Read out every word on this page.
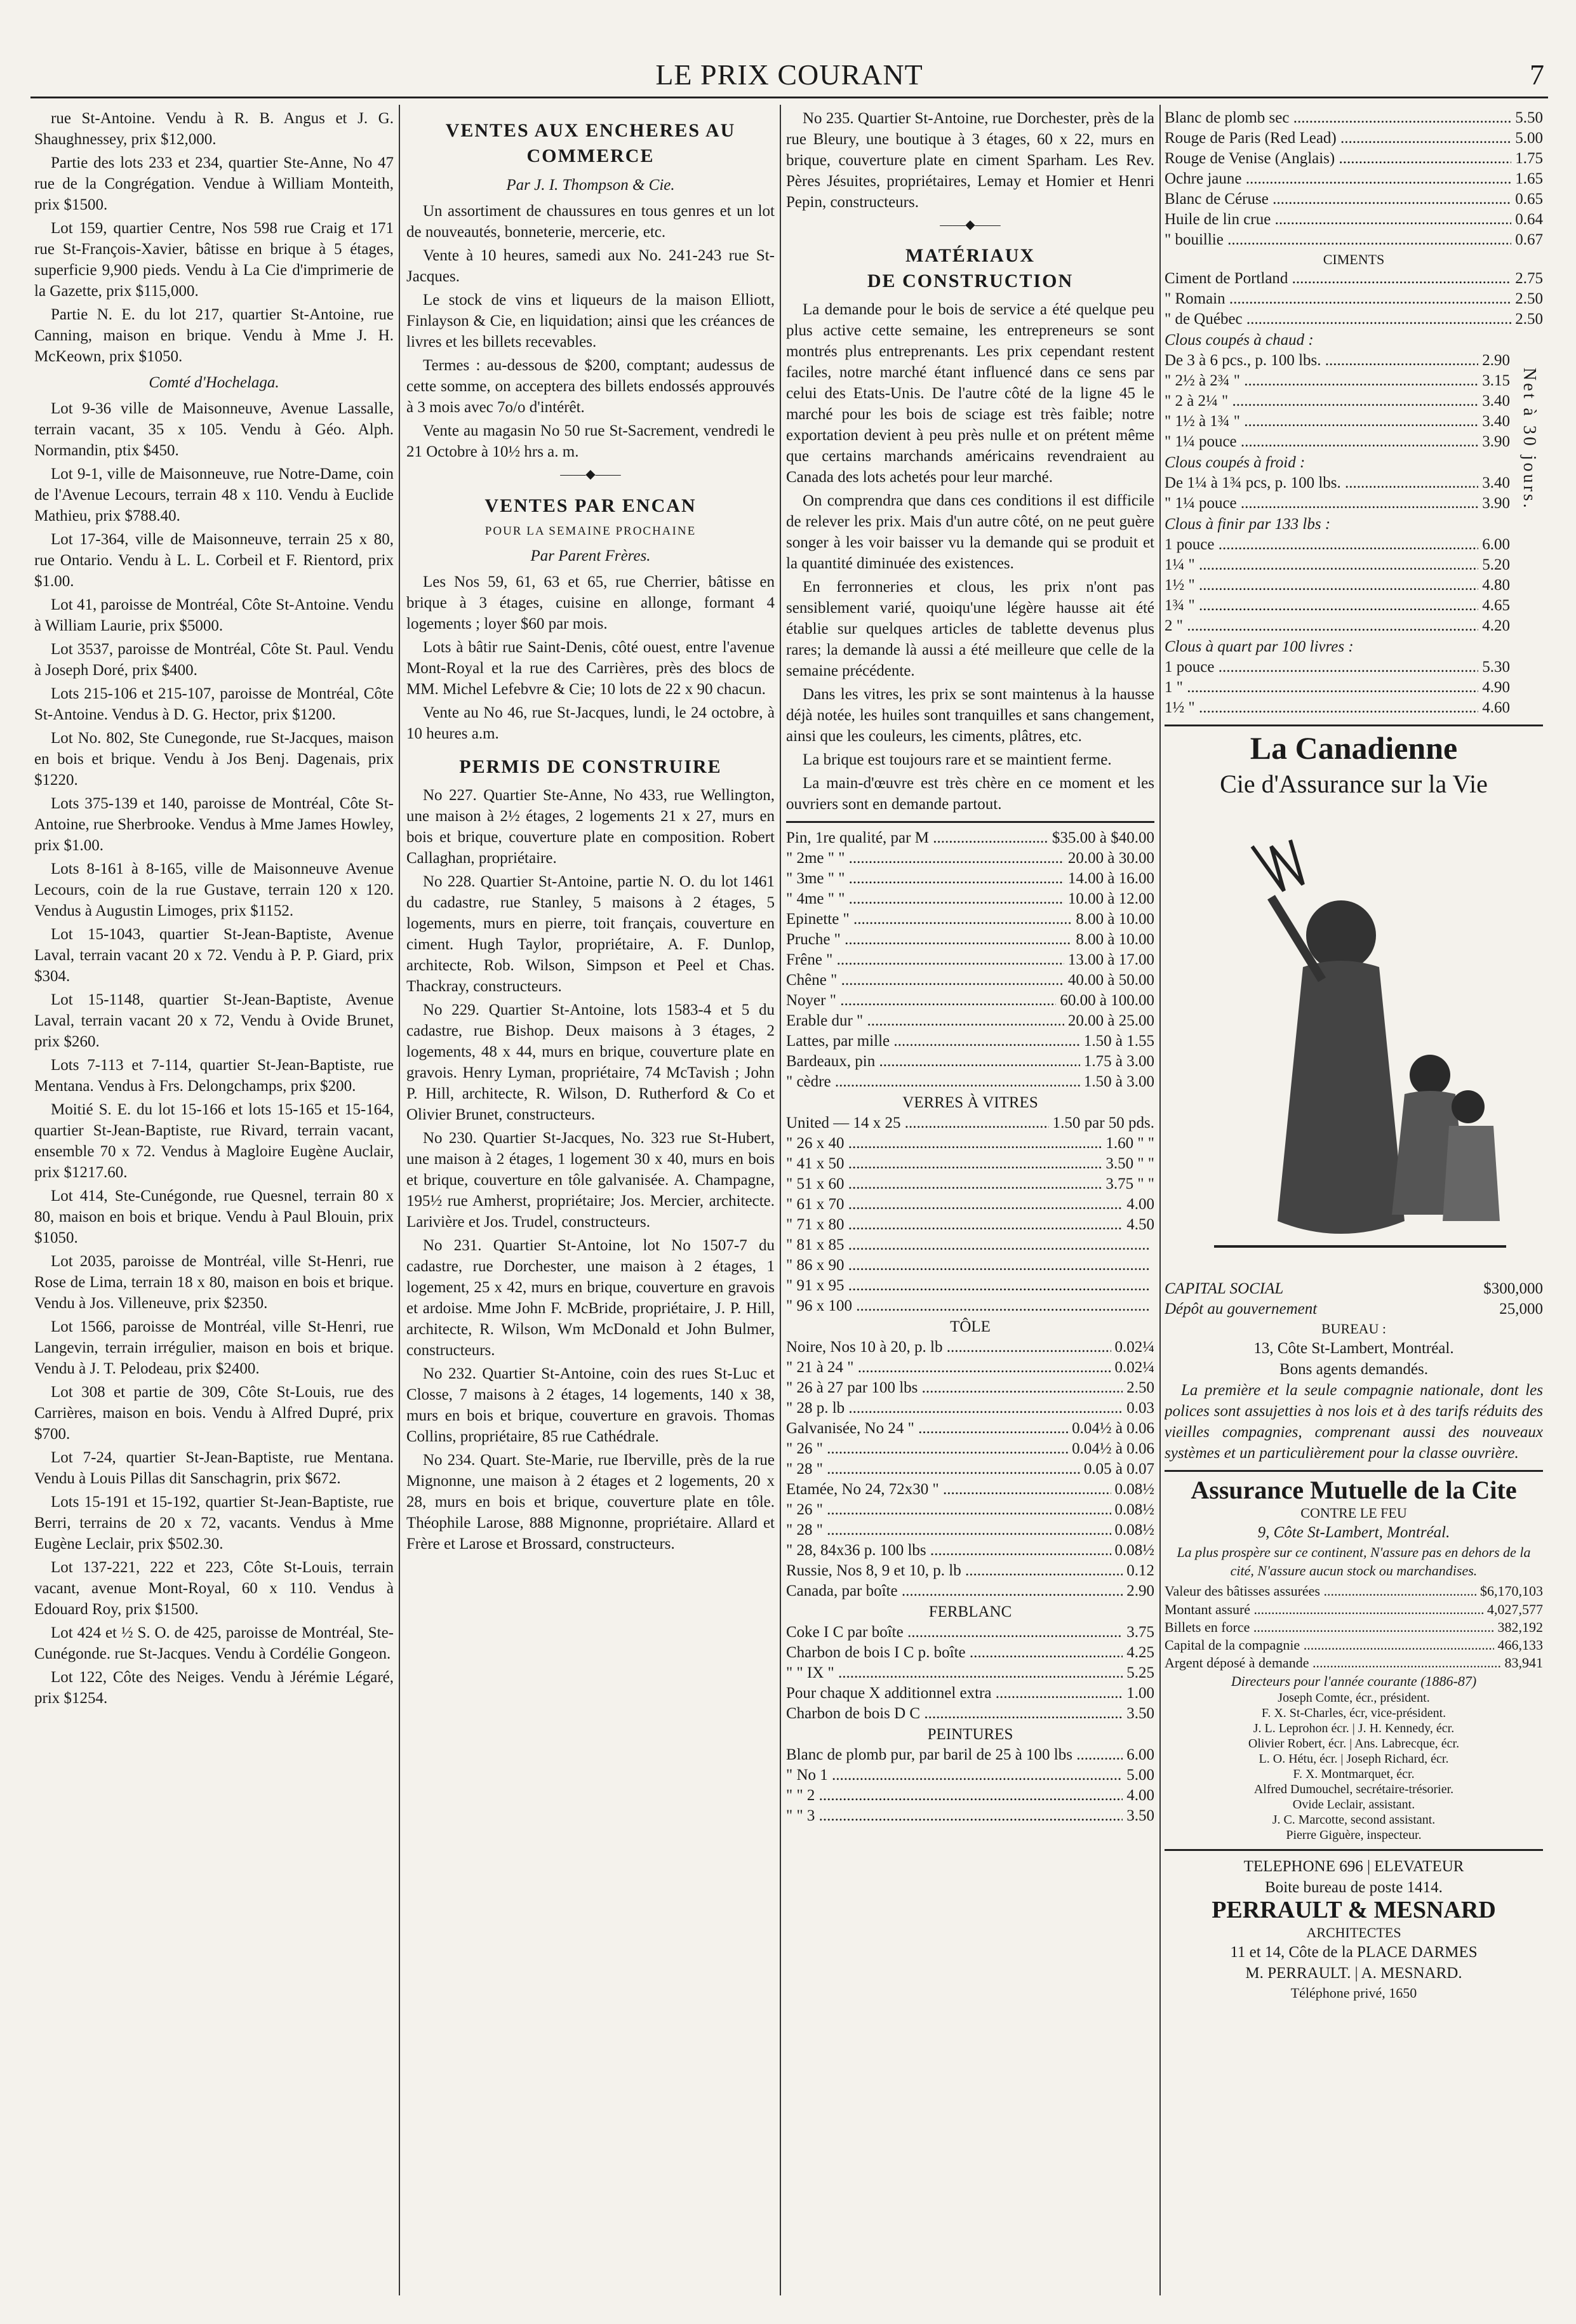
LE PRIX COURANT	7

rue St-Antoine. Vendu à R. B. Angus et J. G. Shaughnessey, prix $12,000.

Partie des lots 233 et 234, quartier Ste-Anne, No 47 rue de la Congrégation. Vendue à William Monteith, prix $1500.

Lot 159, quartier Centre, Nos 598 rue Craig et 171 rue St-François-Xavier, bâtisse en brique à 5 étages, superficie 9,900 pieds. Vendu à La Cie d'imprimerie de la Gazette, prix $115,000.

Partie N. E. du lot 217, quartier St-Antoine, rue Canning, maison en brique. Vendu à Mme J. H. McKeown, prix $1050.

Comté d'Hochelaga.

Lot 9-36 ville de Maisonneuve, Avenue Lassalle, terrain vacant, 35 x 105. Vendu à Géo. Alph. Normandin, ptix $450.

Lot 9-1, ville de Maisonneuve, rue Notre-Dame, coin de l'Avenue Lecours, terrain 48 x 110. Vendu à Euclide Mathieu, prix $788.40.

Lot 17-364, ville de Maisonneuve, terrain 25 x 80, rue Ontario. Vendu à L. L. Corbeil et F. Rientord, prix $1.00.

Lot 41, paroisse de Montréal, Côte St-Antoine. Vendu à William Laurie, prix $5000.

Lot 3537, paroisse de Montréal, Côte St. Paul. Vendu à Joseph Doré, prix $400.

Lots 215-106 et 215-107, paroisse de Montréal, Côte St-Antoine. Vendus à D. G. Hector, prix $1200.

Lot No. 802, Ste Cunegonde, rue St-Jacques, maison en bois et brique. Vendu à Jos Benj. Dagenais, prix $1220.

Lots 375-139 et 140, paroisse de Montréal, Côte St-Antoine, rue Sherbrooke. Vendus à Mme James Howley, prix $1.00.

Lots 8-161 à 8-165, ville de Maisonneuve Avenue Lecours, coin de la rue Gustave, terrain 120 x 120. Vendus à Augustin Limoges, prix $1152.

Lot 15-1043, quartier St-Jean-Baptiste, Avenue Laval, terrain vacant 20 x 72. Vendu à P. P. Giard, prix $304.

Lot 15-1148, quartier St-Jean-Baptiste, Avenue Laval, terrain vacant 20 x 72, Vendu à Ovide Brunet, prix $260.

Lots 7-113 et 7-114, quartier St-Jean-Baptiste, rue Mentana. Vendus à Frs. Delongchamps, prix $200.

Moitié S. E. du lot 15-166 et lots 15-165 et 15-164, quartier St-Jean-Baptiste, rue Rivard, terrain vacant, ensemble 70 x 72. Vendus à Magloire Eugène Auclair, prix $1217.60.

Lot 414, Ste-Cunégonde, rue Quesnel, terrain 80 x 80, maison en bois et brique. Vendu à Paul Blouin, prix $1050.

Lot 2035, paroisse de Montréal, ville St-Henri, rue Rose de Lima, terrain 18 x 80, maison en bois et brique. Vendu à Jos. Villeneuve, prix $2350.

Lot 1566, paroisse de Montréal, ville St-Henri, rue Langevin, terrain irrégulier, maison en bois et brique. Vendu à J. T. Pelodeau, prix $2400.

Lot 308 et partie de 309, Côte St-Louis, rue des Carrières, maison en bois. Vendu à Alfred Dupré, prix $700.

Lot 7-24, quartier St-Jean-Baptiste, rue Mentana. Vendu à Louis Pillas dit Sanschagrin, prix $672.

Lots 15-191 et 15-192, quartier St-Jean-Baptiste, rue Berri, terrains de 20 x 72, vacants. Vendus à Mme Eugène Leclair, prix $502.30.

Lot 137-221, 222 et 223, Côte St-Louis, terrain vacant, avenue Mont-Royal, 60 x 110. Vendus à Edouard Roy, prix $1500.

Lot 424 et ½ S. O. de 425, paroisse de Montréal, Ste-Cunégonde. rue St-Jacques. Vendu à Cordélie Gongeon.

Lot 122, Côte des Neiges. Vendu à Jérémie Légaré, prix $1254.

VENTES AUX ENCHERES AU COMMERCE
Par J. I. Thompson & Cie.

Un assortiment de chaussures en tous genres et un lot de nouveautés, bonneterie, mercerie, etc.

Vente à 10 heures, samedi aux No. 241-243 rue St-Jacques.

Le stock de vins et liqueurs de la maison Elliott, Finlayson & Cie, en liquidation; ainsi que les créances de livres et les billets recevables.

Termes : au-dessous de $200, comptant; audessus de cette somme, on acceptera des billets endossés approuvés à 3 mois avec 7o/o d'intérêt.

Vente au magasin No 50 rue St-Sacrement, vendredi le 21 Octobre à 10½ hrs a. m.

——◆——
VENTES PAR ENCAN
POUR LA SEMAINE PROCHAINE
Par Parent Frères.

Les Nos 59, 61, 63 et 65, rue Cherrier, bâtisse en brique à 3 étages, cuisine en allonge, formant 4 logements ; loyer $60 par mois.

Lots à bâtir rue Saint-Denis, côté ouest, entre l'avenue Mont-Royal et la rue des Carrières, près des blocs de MM. Michel Lefebvre & Cie; 10 lots de 22 x 90 chacun.

Vente au No 46, rue St-Jacques, lundi, le 24 octobre, à 10 heures a.m.

PERMIS DE CONSTRUIRE

No 227. Quartier Ste-Anne, No 433, rue Wellington, une maison à 2½ étages, 2 logements 21 x 27, murs en bois et brique, couverture plate en composition. Robert Callaghan, propriétaire.

No 228. Quartier St-Antoine, partie N. O. du lot 1461 du cadastre, rue Stanley, 5 maisons à 2 étages, 5 logements, murs en pierre, toit français, couverture en ciment. Hugh Taylor, propriétaire, A. F. Dunlop, architecte, Rob. Wilson, Simpson et Peel et Chas. Thackray, constructeurs.

No 229. Quartier St-Antoine, lots 1583-4 et 5 du cadastre, rue Bishop. Deux maisons à 3 étages, 2 logements, 48 x 44, murs en brique, couverture plate en gravois. Henry Lyman, propriétaire, 74 McTavish ; John P. Hill, architecte, R. Wilson, D. Rutherford & Co et Olivier Brunet, constructeurs.

No 230. Quartier St-Jacques, No. 323 rue St-Hubert, une maison à 2 étages, 1 logement 30 x 40, murs en bois et brique, couverture en tôle galvanisée. A. Champagne, 195½ rue Amherst, propriétaire; Jos. Mercier, architecte. Larivière et Jos. Trudel, constructeurs.

No 231. Quartier St-Antoine, lot No 1507-7 du cadastre, rue Dorchester, une maison à 2 étages, 1 logement, 25 x 42, murs en brique, couverture en gravois et ardoise. Mme John F. McBride, propriétaire, J. P. Hill, architecte, R. Wilson, Wm McDonald et John Bulmer, constructeurs.

No 232. Quartier St-Antoine, coin des rues St-Luc et Closse, 7 maisons à 2 étages, 14 logements, 140 x 38, murs en bois et brique, couverture en gravois. Thomas Collins, propriétaire, 85 rue Cathédrale.

No 234. Quart. Ste-Marie, rue Iberville, près de la rue Mignonne, une maison à 2 étages et 2 logements, 20 x 28, murs en bois et brique, couverture plate en tôle. Théophile Larose, 888 Mignonne, propriétaire. Allard et Frère et Larose et Brossard, constructeurs.

No 235. Quartier St-Antoine, rue Dorchester, près de la rue Bleury, une boutique à 3 étages, 60 x 22, murs en brique, couverture plate en ciment Sparham. Les Rev. Pères Jésuites, propriétaires, Lemay et Homier et Henri Pepin, constructeurs.

——◆——
MATÉRIAUX
DE CONSTRUCTION

La demande pour le bois de service a été quelque peu plus active cette semaine, les entrepreneurs se sont montrés plus entreprenants. Les prix cependant restent faciles, notre marché étant influencé dans ce sens par celui des Etats-Unis. De l'autre côté de la ligne 45 le marché pour les bois de sciage est très faible; notre exportation devient à peu près nulle et on prétent même que certains marchands américains revendraient au Canada des lots achetés pour leur marché.

On comprendra que dans ces conditions il est difficile de relever les prix. Mais d'un autre côté, on ne peut guère songer à les voir baisser vu la demande qui se produit et la quantité diminuée des existences.

En ferronneries et clous, les prix n'ont pas sensiblement varié, quoiqu'une légère hausse ait été établie sur quelques articles de tablette devenus plus rares; la demande là aussi a été meilleure que celle de la semaine précédente.

Dans les vitres, les prix se sont maintenus à la hausse déjà notée, les huiles sont tranquilles et sans changement, ainsi que les couleurs, les ciments, plâtres, etc.

La brique est toujours rare et se maintient ferme.

La main-d'œuvre est très chère en ce moment et les ouvriers sont en demande partout.

Pin, 1re qualité, par M .....	$35.00 à $40.00
" 2me " " .....	20.00 à 30.00
" 3me " " .....	14.00 à 16.00
" 4me " " .....	10.00 à 12.00
Epinette " .....	8.00 à 10.00
Pruche " .....	8.00 à 10.00
Frêne " .....	13.00 à 17.00
Chêne " .....	40.00 à 50.00
Noyer " .....	60.00 à 100.00
Erable dur " .....	20.00 à 25.00
Lattes, par mille .....	1.50 à 1.55
Bardeaux, pin .....	1.75 à 3.00
" cèdre .....	1.50 à 3.00
VERRES À VITRES
United — 14 x 25 .....	1.50 par 50 pds.
" 26 x 40 .....	1.60 " "
" 41 x 50 .....	3.50 " "
" 51 x 60 .....	3.75 " "
" 61 x 70 .....	4.00
" 71 x 80 .....	4.50
" 81 x 85 .....
" 86 x 90 .....
" 91 x 95 .....
" 96 x 100 .....
TÔLE
Noire, Nos 10 à 20, p. lb .....	0.02¼
" 21 à 24 " .....	0.02¼
" 26 à 27 par 100 lbs .....	2.50
" 28 p. lb .....	0.03
Galvanisée, No 24 " .....	0.04½ à 0.06
" 26 " .....	0.04½ à 0.06
" 28 " .....	0.05 à 0.07
Etamée, No 24, 72x30 " .....	0.08½
" 26 " .....	0.08½
" 28 " .....	0.08½
" 28, 84x36 p. 100 lbs .....	0.08½
Russie, Nos 8, 9 et 10, p. lb .....	0.12
Canada, par boîte .....	2.90
FERBLANC
Coke I C par boîte .....	3.75
Charbon de bois I C p. boîte .....	4.25
" " IX " .....	5.25
Pour chaque X additionnel extra .....	1.00
Charbon de bois D C .....	3.50
PEINTURES
Blanc de plomb pur, par baril de 25 à 100 lbs .....	6.00
" No 1 .....	5.00
" " 2 .....	4.00
" " 3 .....	3.50
Blanc de plomb sec .....	5.50
Rouge de Paris (Red Lead) .....	5.00
Rouge de Venise (Anglais) .....	1.75
Ochre jaune .....	1.65
Blanc de Céruse .....	0.65
Huile de lin crue .....	0.64
" bouillie .....	0.67
CIMENTS
Ciment de Portland .....	2.75
" Romain .....	2.50
" de Québec .....	2.50
Clous coupés à chaud :
De 3 à 6 pcs., p. 100 lbs. .....	2.90
" 2½ à 2¾ " .....	3.15
" 2 à 2¼ " .....	3.40
" 1½ à 1¾ " .....	3.40
" 1¼ pouce .....	3.90
Clous coupés à froid :
De 1¼ à 1¾ pcs, p. 100 lbs. .....	3.40
" 1¼ pouce .....	3.90
Clous à finir par 133 lbs :
1 pouce .....	6.00
1¼ " .....	5.20
1½ " .....	4.80
1¾ " .....	4.65
2 " .....	4.20
Clous à quart par 100 livres :
1 pouce .....	5.30
1 " .....	4.90
1½ " .....	4.60
Net à 30 jours.
La Canadienne
Cie d'Assurance sur la Vie
CAPITAL SOCIAL	$300,000
Dépôt au gouvernement	25,000
BUREAU :
13, Côte St-Lambert, Montréal.
Bons agents demandés.

La première et la seule compagnie nationale, dont les polices sont assujetties à nos lois et à des tarifs réduits des vieilles compagnies, comprenant aussi des nouveaux systèmes et un particulièrement pour la classe ouvrière.

Assurance Mutuelle de la Cite
CONTRE LE FEU
9, Côte St-Lambert, Montréal.

La plus prospère sur ce continent, N'assure pas en dehors de la cité, N'assure aucun stock ou marchandises.

Valeur des bâtisses assurées .....	$6,170,103
Montant assuré .....	4,027,577
Billets en force .....	382,192
Capital de la compagnie .....	466,133
Argent déposé à demande .....	83,941
Directeurs pour l'année courante (1886-87)
Joseph Comte, écr., président.
F. X. St-Charles, écr, vice-président.
J. L. Leprohon écr. | J. H. Kennedy, écr.
Olivier Robert, écr. | Ans. Labrecque, écr.
L. O. Hétu, écr. | Joseph Richard, écr.
F. X. Montmarquet, écr.
Alfred Dumouchel, secrétaire-trésorier.
Ovide Leclair, assistant.
J. C. Marcotte, second assistant.
Pierre Giguère, inspecteur.
TELEPHONE 696 | ELEVATEUR
Boite bureau de poste 1414.
PERRAULT & MESNARD
ARCHITECTES
11 et 14, Côte de la PLACE DARMES
M. PERRAULT. | A. MESNARD.
Téléphone privé, 1650
